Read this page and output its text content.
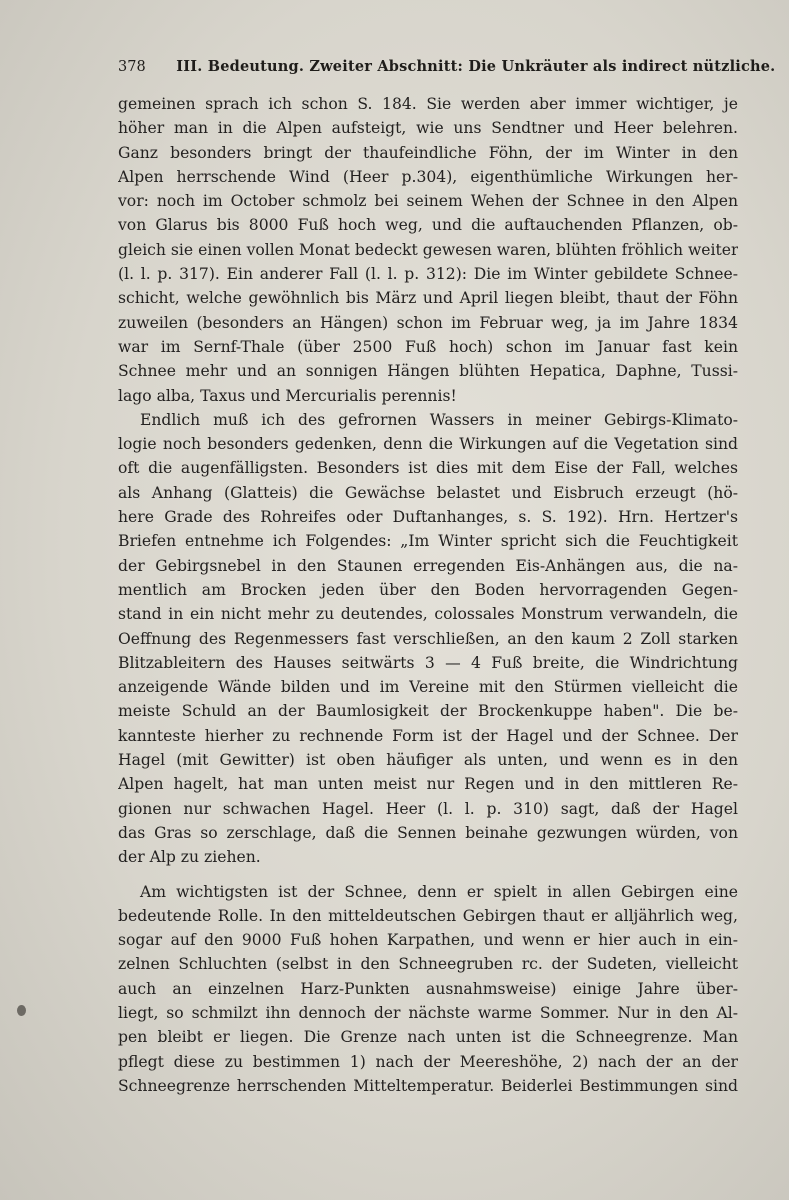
378 III. Bedeutung. Zweiter Abschnitt: Die Unkräuter als indirect nützliche.
gemeinen sprach ich schon S. 184. Sie werden aber immer wichtiger, je
höher man in die Alpen aufsteigt, wie uns Sendtner und Heer belehren.
Ganz besonders bringt der thaufeindliche Föhn, der im Winter in den
Alpen herrschende Wind (Heer p.304), eigenthümliche Wirkungen her-
vor: noch im October schmolz bei seinem Wehen der Schnee in den Alpen
von Glarus bis 8000 Fuß hoch weg, und die auftauchenden Pflanzen, ob-
gleich sie einen vollen Monat bedeckt gewesen waren, blühten fröhlich weiter
(l. l. p. 317). Ein anderer Fall (l. l. p. 312): Die im Winter gebildete Schnee-
schicht, welche gewöhnlich bis März und April liegen bleibt, thaut der Föhn
zuweilen (besonders an Hängen) schon im Februar weg, ja im Jahre 1834
war im Sernf-Thale (über 2500 Fuß hoch) schon im Januar fast kein
Schnee mehr und an sonnigen Hängen blühten Hepatica, Daphne, Tussi-
lago alba, Taxus und Mercurialis perennis!
Endlich muß ich des gefrornen Wassers in meiner Gebirgs-Klimato-
logie noch besonders gedenken, denn die Wirkungen auf die Vegetation sind
oft die augenfälligsten. Besonders ist dies mit dem Eise der Fall, welches
als Anhang (Glatteis) die Gewächse belastet und Eisbruch erzeugt (hö-
here Grade des Rohreifes oder Duftanhanges, s. S. 192). Hrn. Hertzer's
Briefen entnehme ich Folgendes: „Im Winter spricht sich die Feuchtigkeit
der Gebirgsnebel in den Staunen erregenden Eis-Anhängen aus, die na-
mentlich am Brocken jeden über den Boden hervorragenden Gegen-
stand in ein nicht mehr zu deutendes, colossales Monstrum verwandeln, die
Oeffnung des Regenmessers fast verschließen, an den kaum 2 Zoll starken
Blitzableitern des Hauses seitwärts 3 — 4 Fuß breite, die Windrichtung
anzeigende Wände bilden und im Vereine mit den Stürmen vielleicht die
meiste Schuld an der Baumlosigkeit der Brockenkuppe haben". Die be-
kannteste hierher zu rechnende Form ist der Hagel und der Schnee. Der
Hagel (mit Gewitter) ist oben häufiger als unten, und wenn es in den
Alpen hagelt, hat man unten meist nur Regen und in den mittleren Re-
gionen nur schwachen Hagel. Heer (l. l. p. 310) sagt, daß der Hagel
das Gras so zerschlage, daß die Sennen beinahe gezwungen würden, von
der Alp zu ziehen.
Am wichtigsten ist der Schnee, denn er spielt in allen Gebirgen eine
bedeutende Rolle. In den mitteldeutschen Gebirgen thaut er alljährlich weg,
sogar auf den 9000 Fuß hohen Karpathen, und wenn er hier auch in ein-
zelnen Schluchten (selbst in den Schneegruben rc. der Sudeten, vielleicht
auch an einzelnen Harz-Punkten ausnahmsweise) einige Jahre über-
liegt, so schmilzt ihn dennoch der nächste warme Sommer. Nur in den Al-
pen bleibt er liegen. Die Grenze nach unten ist die Schneegrenze. Man
pflegt diese zu bestimmen 1) nach der Meereshöhe, 2) nach der an der
Schneegrenze herrschenden Mitteltemperatur. Beiderlei Bestimmungen sind
